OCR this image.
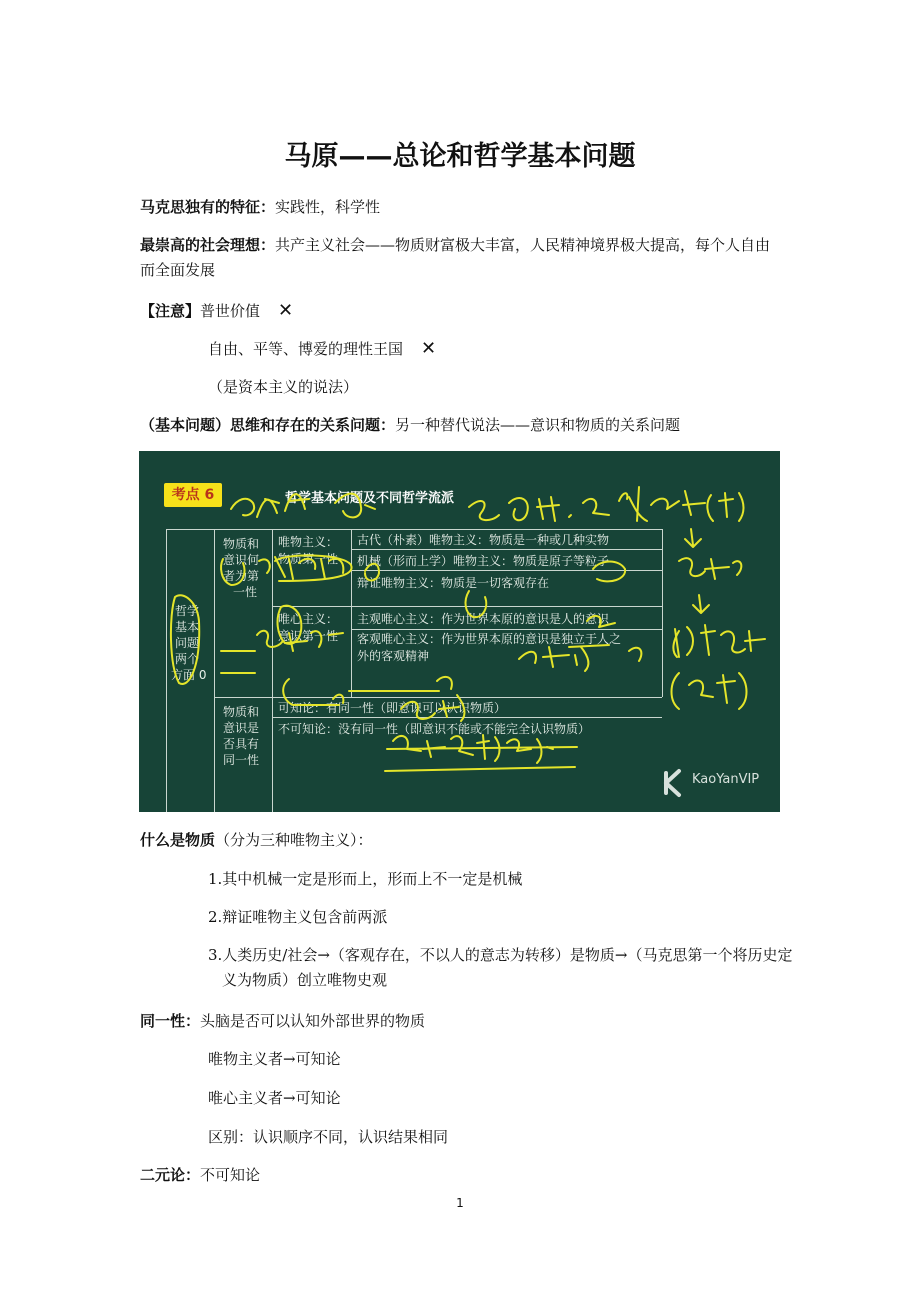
马原——总论和哲学基本问题
马克思独有的特征：实践性，科学性
最崇高的社会理想：共产主义社会——物质财富极大丰富，人民精神境界极大提高，每个人自由而全面发展
【注意】普世价值 ✕
自由、平等、博爱的理性王国 ✕
（是资本主义的说法）
（基本问题）思维和存在的关系问题：另一种替代说法——意识和物质的关系问题
考点 6	哲学基本问题及不同哲学流派
哲学
基本
问题
两个
方面 0
物质和
意识何
者为第
一性
物质和
意识是
否具有
同一性
唯物主义：
物质第一性
唯心主义：
意识第一性
古代（朴素）唯物主义：物质是一种或几种实物
机械（形而上学）唯物主义：物质是原子等粒子
辩证唯物主义：物质是一切客观存在
主观唯心主义：作为世界本原的意识是人的意识
客观唯心主义：作为世界本原的意识是独立于人之
外的客观精神
可知论：有同一性（即意识可以认识物质）
不可知论：没有同一性（即意识不能或不能完全认识物质）
KaoYanVIP
什么是物质（分为三种唯物主义）：
1.其中机械一定是形而上，形而上不一定是机械
2.辩证唯物主义包含前两派
3.人类历史/社会→（客观存在，不以人的意志为转移）是物质→（马克思第一个将历史定义为物质）创立唯物史观
同一性：头脑是否可以认知外部世界的物质
唯物主义者→可知论
唯心主义者→可知论
区别：认识顺序不同，认识结果相同
二元论：不可知论
1
